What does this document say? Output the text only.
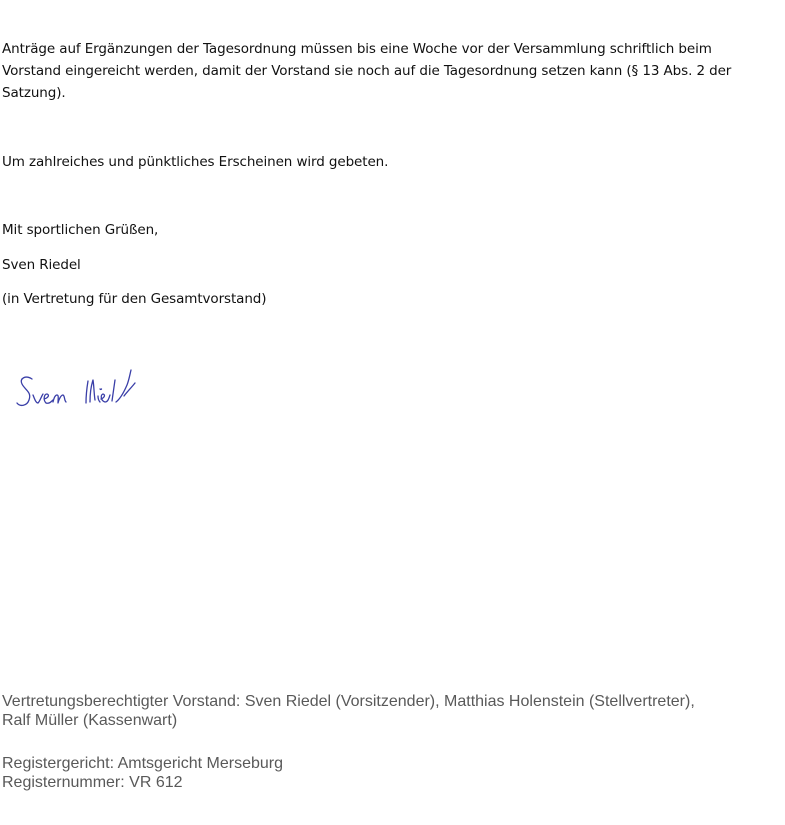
Anträge auf Ergänzungen der Tagesordnung müssen bis eine Woche vor der Versammlung schriftlich beim Vorstand eingereicht werden, damit der Vorstand sie noch auf die Tagesordnung setzen kann (§ 13 Abs. 2 der Satzung).
Um zahlreiches und pünktliches Erscheinen wird gebeten.
Mit sportlichen Grüßen,
Sven Riedel
(in Vertretung für den Gesamtvorstand)
Vertretungsberechtigter Vorstand: Sven Riedel (Vorsitzender), Matthias Holenstein (Stellvertreter),
Ralf Müller (Kassenwart)
Registergericht: Amtsgericht Merseburg
Registernummer: VR 612
